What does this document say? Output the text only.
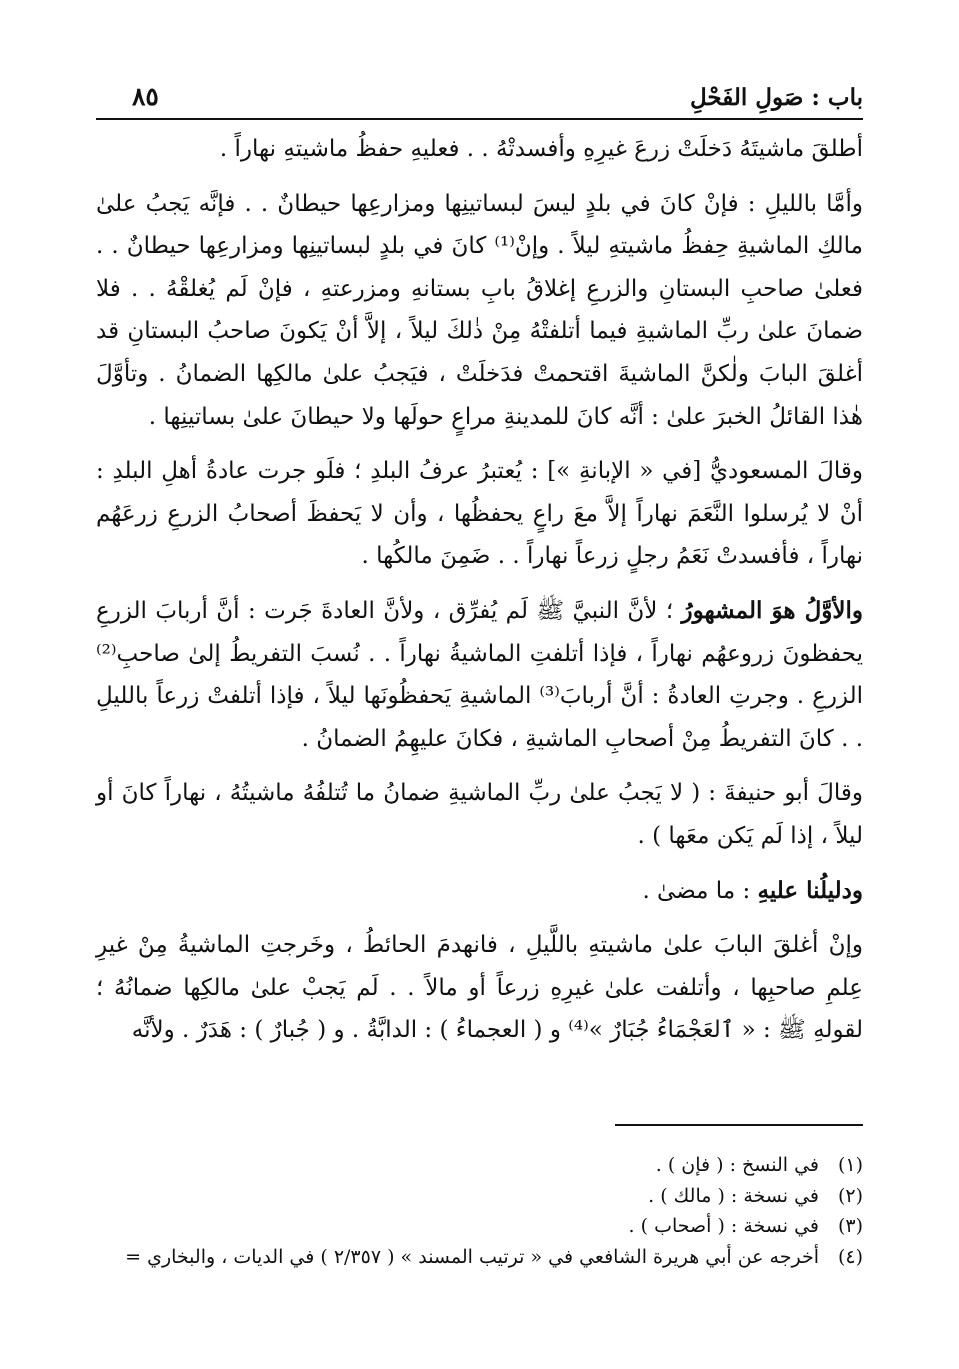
باب : صَولِ الفَحْلِ
٨٥

أطلقَ ماشيتَهُ دَخلَتْ زرعَ غيرِهِ وأفسدتْهُ . . فعليهِ حفظُ ماشيتهِ نهاراً .

وأمَّا بالليلِ : فإنْ كانَ في بلدٍ ليسَ لبساتينِها ومزارعِها حيطانٌ . . فإنَّه يَجبُ علىٰ مالكِ الماشيةِ حِفظُ ماشيتهِ ليلاً . وإنْ⁽¹⁾ كانَ في بلدٍ لبساتينِها ومزارعِها حيطانٌ . . فعلىٰ صاحبِ البستانِ والزرعِ إغلاقُ بابِ بستانهِ ومزرعتهِ ، فإنْ لَم يُغلقْهُ . . فلا ضمانَ علىٰ ربِّ الماشيةِ فيما أتلفتْهُ مِنْ ذٰلكَ ليلاً ، إلاَّ أنْ يَكونَ صاحبُ البستانِ قد أغلقَ البابَ ولٰكنَّ الماشيةَ اقتحمتْ فدَخلَتْ ، فيَجبُ علىٰ مالكِها الضمانُ . وتأوَّلَ هٰذا القائلُ الخبرَ علىٰ : أنَّه كانَ للمدينةِ مراعٍ حولَها ولا حيطانَ علىٰ بساتينِها .

وقالَ المسعوديُّ [في « الإبانةِ »] : يُعتبرُ عرفُ البلدِ ؛ فلَو جرت عادةُ أهلِ البلدِ : أنْ لا يُرسلوا النَّعَمَ نهاراً إلاَّ معَ راعٍ يحفظُها ، وأن لا يَحفظَ أصحابُ الزرعِ زرعَهُم نهاراً ، فأفسدتْ نَعَمُ رجلٍ زرعاً نهاراً . . ضَمِنَ مالكُها .

والأوَّلُ هوَ المشهورُ ؛ لأنَّ النبيَّ ﷺ لَم يُفرِّق ، ولأنَّ العادةَ جَرت : أنَّ أربابَ الزرعِ يحفظونَ زروعهُم نهاراً ، فإذا أتلفتِ الماشيةُ نهاراً . . نُسبَ التفريطُ إلىٰ صاحبِ⁽²⁾ الزرعِ . وجرتِ العادةُ : أنَّ أربابَ⁽³⁾ الماشيةِ يَحفظُونَها ليلاً ، فإذا أتلفتْ زرعاً بالليلِ . . كانَ التفريطُ مِنْ أصحابِ الماشيةِ ، فكانَ عليهِمُ الضمانُ .

وقالَ أبو حنيفةَ : ( لا يَجبُ علىٰ ربِّ الماشيةِ ضمانُ ما تُتلفُهُ ماشيتُهُ ، نهاراً كانَ أو ليلاً ، إذا لَم يَكن معَها ) .

ودليلُنا عليهِ : ما مضىٰ .

وإنْ أغلقَ البابَ علىٰ ماشيتهِ باللَّيلِ ، فانهدمَ الحائطُ ، وخَرجتِ الماشيةُ مِنْ غيرِ عِلمِ صاحبِها ، وأتلفت علىٰ غيرِهِ زرعاً أو مالاً . . لَم يَجبْ علىٰ مالكِها ضمانُهُ ؛ لقولهِ ﷺ : « ٱلعَجْمَاءُ جُبَارٌ »⁽⁴⁾ و ( العجماءُ ) : الدابَّةُ . و ( جُبارٌ ) : هَدَرٌ . ولأنَّه

(١)
في النسخ : ( فإن ) .
(٢)
في نسخة : ( مالك ) .
(٣)
في نسخة : ( أصحاب ) .
(٤)
أخرجه عن أبي هريرة الشافعي في « ترتيب المسند » ( ٢/٣٥٧ ) في الديات ، والبخاري =
